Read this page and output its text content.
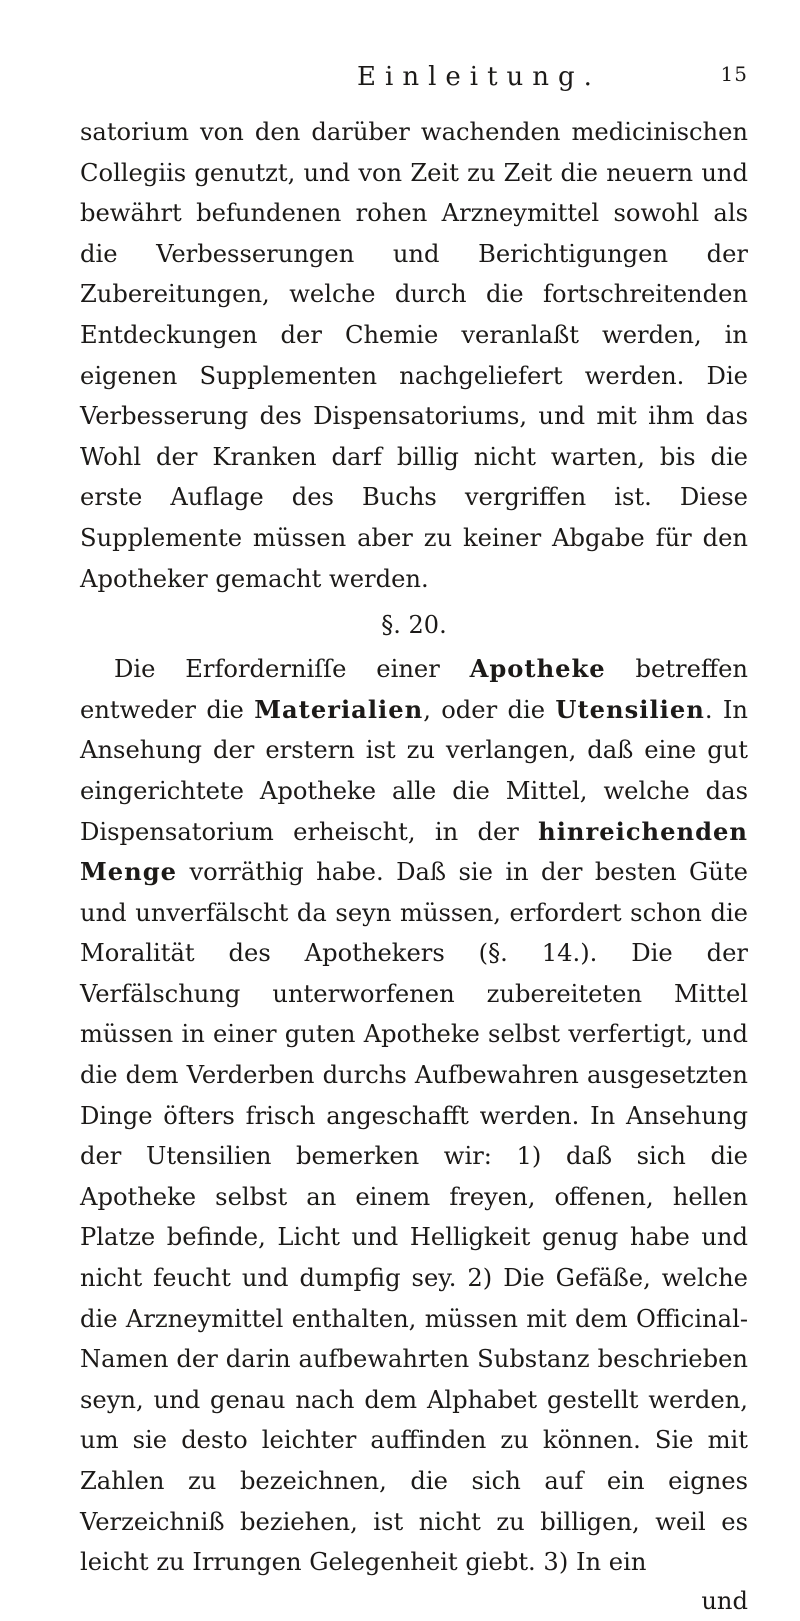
Einleitung.	15

satorium von den darüber wachenden medicinischen Collegiis genutzt, und von Zeit zu Zeit die neuern und bewährt befundenen rohen Arzneymittel sowohl als die Verbesserungen und Berichtigungen der Zubereitungen, welche durch die fortschreitenden Entdeckungen der Chemie veranlaßt werden, in eigenen Supplementen nachgeliefert werden. Die Verbesserung des Dispensatoriums, und mit ihm das Wohl der Kranken darf billig nicht warten, bis die erste Auflage des Buchs vergriffen ist. Diese Supplemente müssen aber zu keiner Abgabe für den Apotheker gemacht werden.

§. 20.

Die Erforderniſſe einer Apotheke betreffen entweder die Materialien, oder die Utensilien. In Ansehung der erstern ist zu verlangen, daß eine gut eingerichtete Apotheke alle die Mittel, welche das Dispensatorium erheischt, in der hinreichenden Menge vorräthig habe. Daß sie in der besten Güte und unverfälscht da seyn müssen, erfordert schon die Moralität des Apothekers (§. 14.). Die der Verfälschung unterworfenen zubereiteten Mittel müssen in einer guten Apotheke selbst verfertigt, und die dem Verderben durchs Aufbewahren ausgesetzten Dinge öfters frisch angeschafft werden. In Ansehung der Utensilien bemerken wir: 1) daß sich die Apotheke selbst an einem freyen, offenen, hellen Platze befinde, Licht und Helligkeit genug habe und nicht feucht und dumpfig sey. 2) Die Gefäße, welche die Arzneymittel enthalten, müssen mit dem Officinal-Namen der darin aufbewahrten Substanz beschrieben seyn, und genau nach dem Alphabet gestellt werden, um sie desto leichter auffinden zu können. Sie mit Zahlen zu bezeichnen, die sich auf ein eignes Verzeichniß beziehen, ist nicht zu billigen, weil es leicht zu Irrungen Gelegenheit giebt. 3) In ein

und
